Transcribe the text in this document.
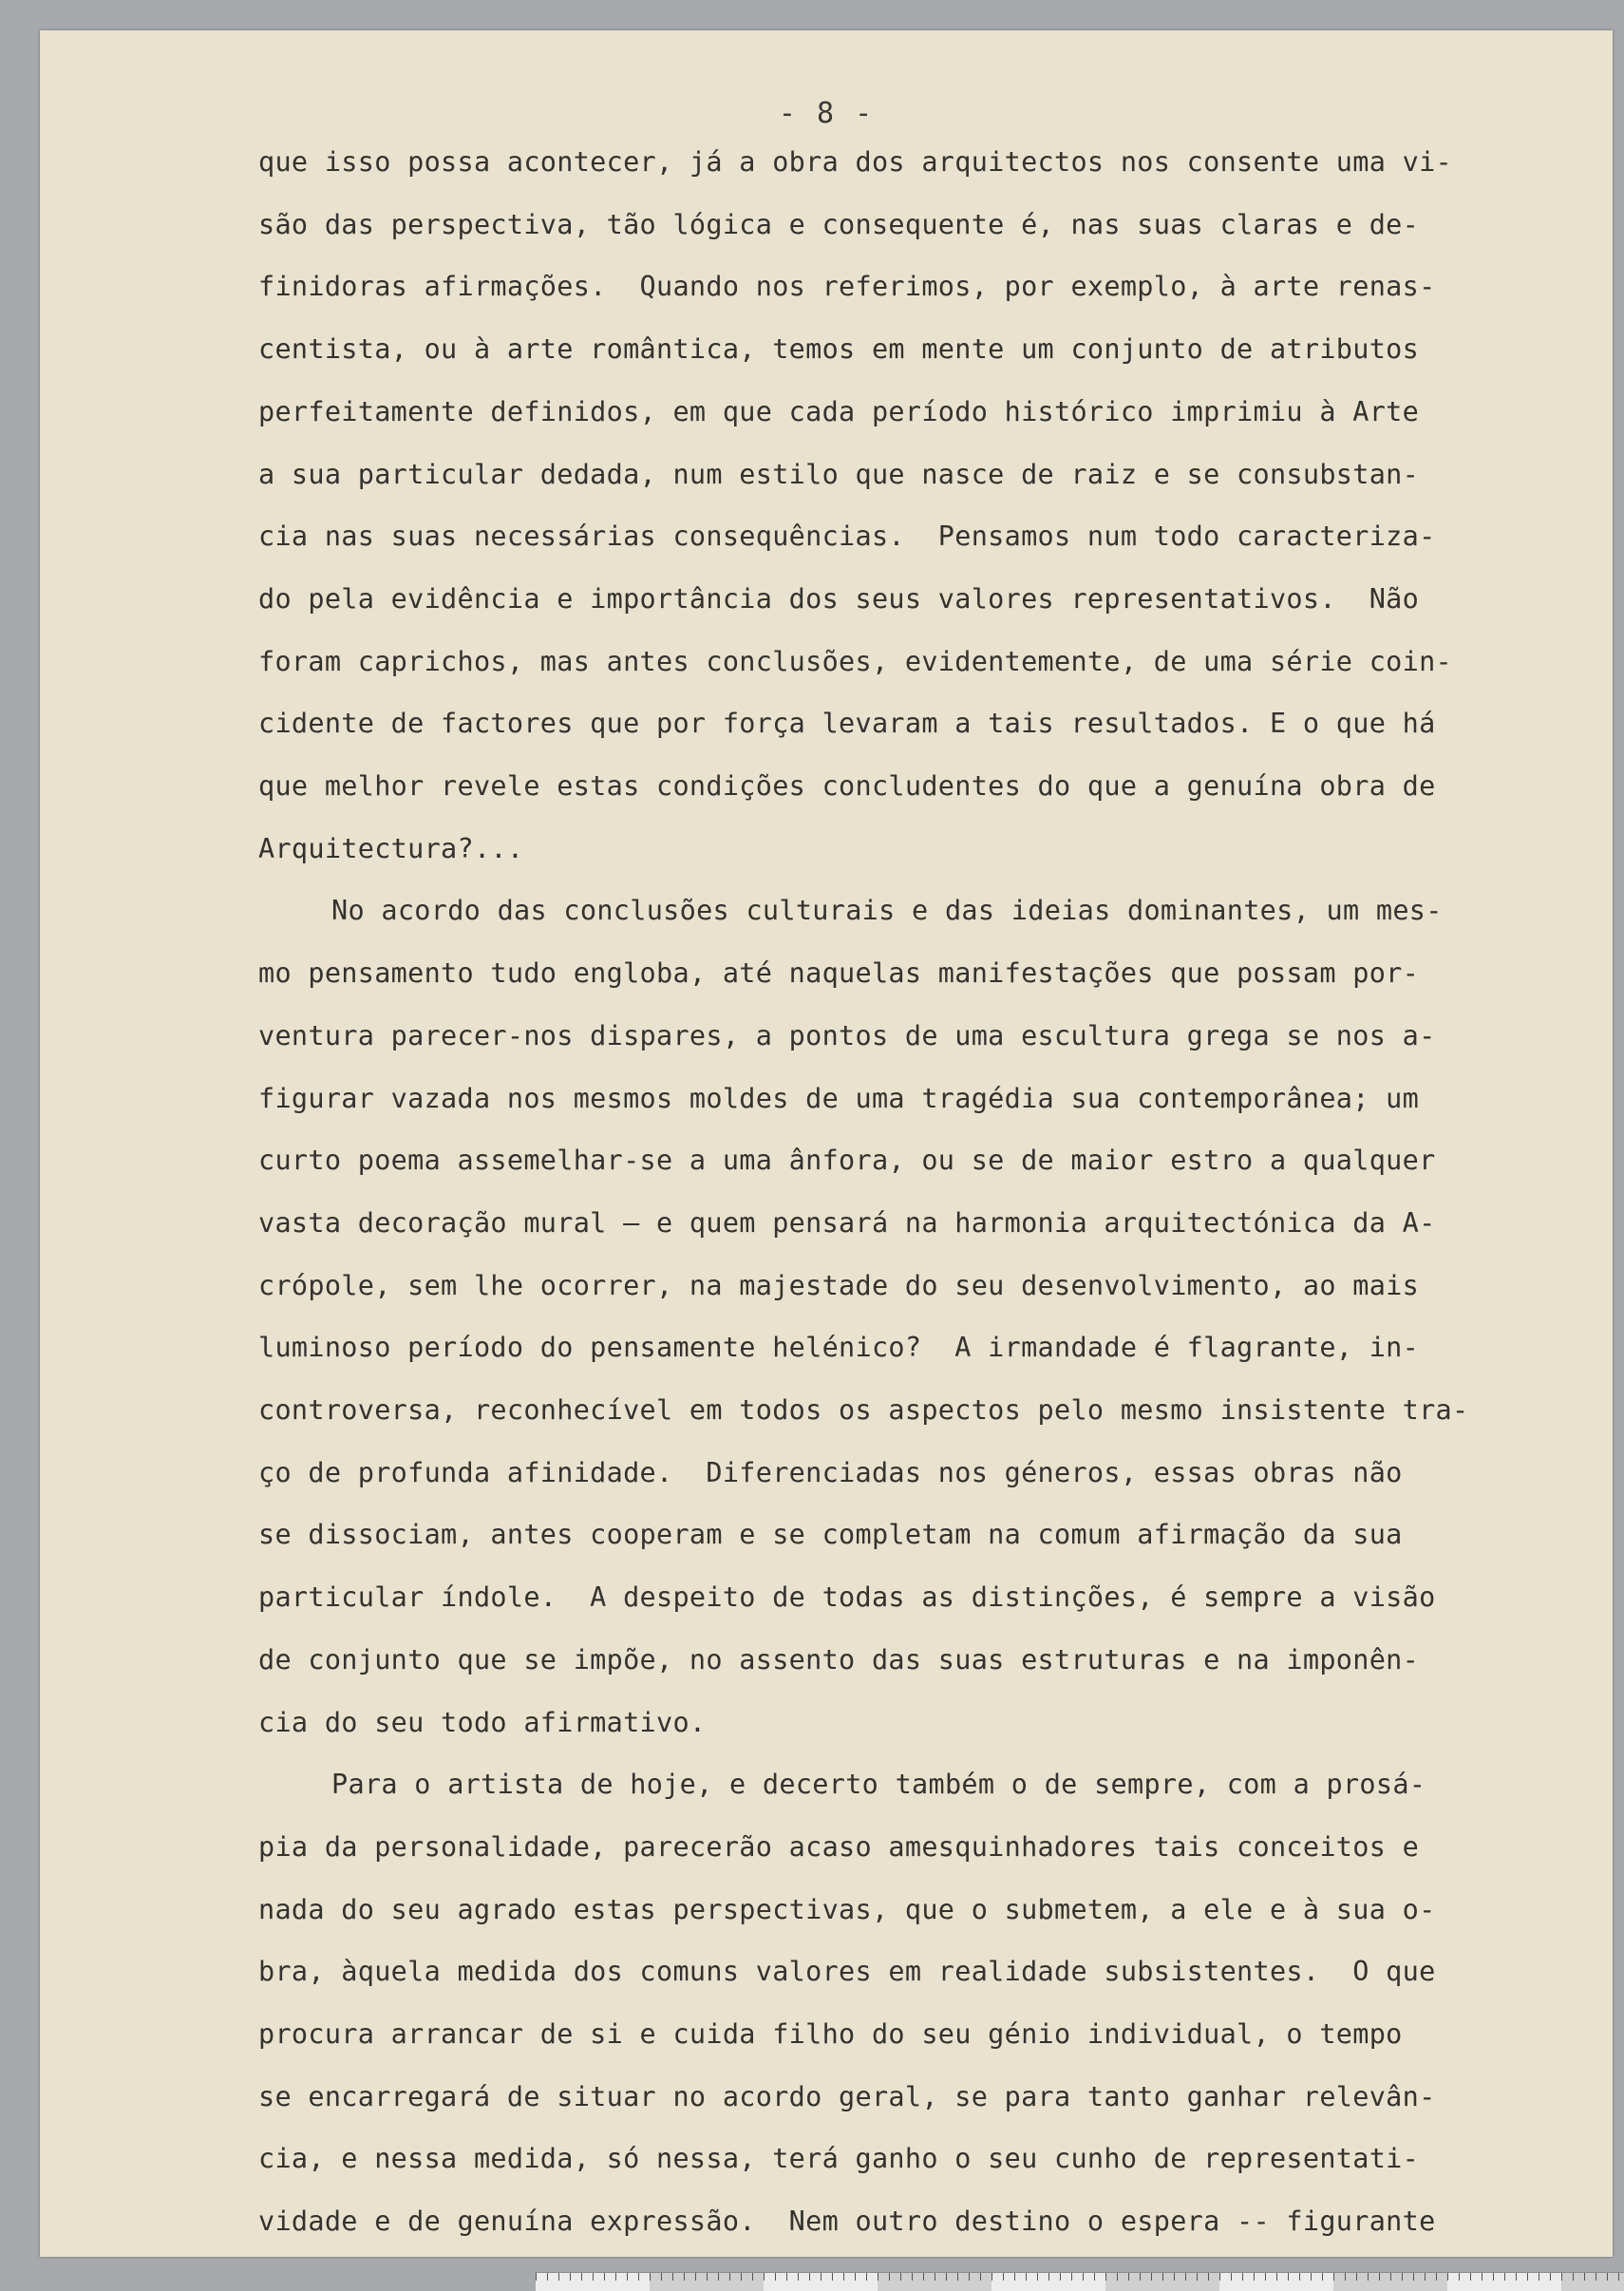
- 8 -
que isso possa acontecer, já a obra dos arquitectos nos consente uma vi-
são das perspectiva, tão lógica e consequente é, nas suas claras e de-
finidoras afirmações.  Quando nos referimos, por exemplo, à arte renas-
centista, ou à arte romântica, temos em mente um conjunto de atributos
perfeitamente definidos, em que cada período histórico imprimiu à Arte
a sua particular dedada, num estilo que nasce de raiz e se consubstan-
cia nas suas necessárias consequências.  Pensamos num todo caracteriza-
do pela evidência e importância dos seus valores representativos.  Não
foram caprichos, mas antes conclusões, evidentemente, de uma série coin-
cidente de factores que por força levaram a tais resultados. E o que há
que melhor revele estas condições concludentes do que a genuína obra de
Arquitectura?...
No acordo das conclusões culturais e das ideias dominantes, um mes-
mo pensamento tudo engloba, até naquelas manifestações que possam por-
ventura parecer-nos dispares, a pontos de uma escultura grega se nos a-
figurar vazada nos mesmos moldes de uma tragédia sua contemporânea; um
curto poema assemelhar-se a uma ânfora, ou se de maior estro a qualquer
vasta decoração mural — e quem pensará na harmonia arquitectónica da A-
crópole, sem lhe ocorrer, na majestade do seu desenvolvimento, ao mais
luminoso período do pensamente helénico?  A irmandade é flagrante, in-
controversa, reconhecível em todos os aspectos pelo mesmo insistente tra-
ço de profunda afinidade.  Diferenciadas nos géneros, essas obras não
se dissociam, antes cooperam e se completam na comum afirmação da sua
particular índole.  A despeito de todas as distinções, é sempre a visão
de conjunto que se impõe, no assento das suas estruturas e na imponên-
cia do seu todo afirmativo.
Para o artista de hoje, e decerto também o de sempre, com a prosá-
pia da personalidade, parecerão acaso amesquinhadores tais conceitos e
nada do seu agrado estas perspectivas, que o submetem, a ele e à sua o-
bra, àquela medida dos comuns valores em realidade subsistentes.  O que
procura arrancar de si e cuida filho do seu génio individual, o tempo
se encarregará de situar no acordo geral, se para tanto ganhar relevân-
cia, e nessa medida, só nessa, terá ganho o seu cunho de representati-
vidade e de genuína expressão.  Nem outro destino o espera -- figurante
